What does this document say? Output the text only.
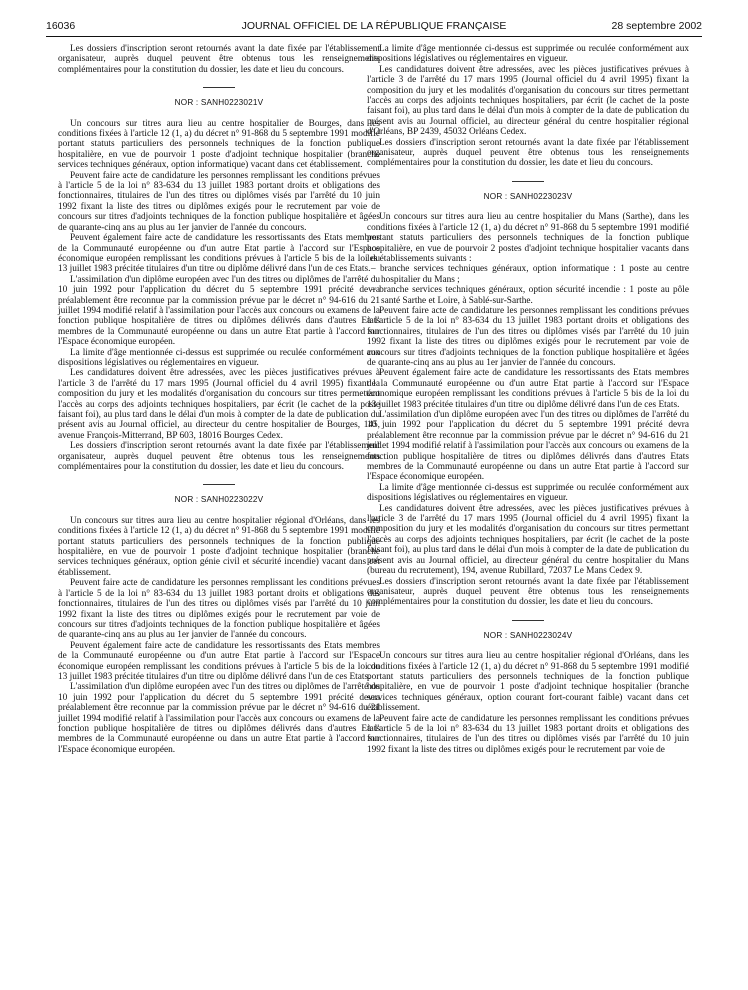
16036	JOURNAL OFFICIEL DE LA RÉPUBLIQUE FRANÇAISE	28 septembre 2002

Les dossiers d'inscription seront retournés avant la date fixée par l'établissement organisateur, auprès duquel peuvent être obtenus tous les renseignements complémentaires pour la constitution du dossier, les date et lieu du concours.

NOR : SANH0223021V

Un concours sur titres aura lieu au centre hospitalier de Bourges, dans les conditions fixées à l'article 12 (1, a) du décret n° 91-868 du 5 septembre 1991 modifié portant statuts particuliers des personnels techniques de la fonction publique hospitalière, en vue de pourvoir 1 poste d'adjoint technique hospitalier (branche services techniques généraux, option informatique) vacant dans cet établissement.

Peuvent faire acte de candidature les personnes remplissant les conditions prévues à l'article 5 de la loi n° 83-634 du 13 juillet 1983 portant droits et obligations des fonctionnaires, titulaires de l'un des titres ou diplômes visés par l'arrêté du 10 juin 1992 fixant la liste des titres ou diplômes exigés pour le recrutement par voie de concours sur titres d'adjoints techniques de la fonction publique hospitalière et âgées de quarante-cinq ans au plus au 1er janvier de l'année du concours.

Peuvent également faire acte de candidature les ressortissants des Etats membres de la Communauté européenne ou d'un autre Etat partie à l'accord sur l'Espace économique européen remplissant les conditions prévues à l'article 5 bis de la loi du 13 juillet 1983 précitée titulaires d'un titre ou diplôme délivré dans l'un de ces Etats.

L'assimilation d'un diplôme européen avec l'un des titres ou diplômes de l'arrêté du 10 juin 1992 pour l'application du décret du 5 septembre 1991 précité devra préalablement être reconnue par la commission prévue par le décret n° 94-616 du 21 juillet 1994 modifié relatif à l'assimilation pour l'accès aux concours ou examens de la fonction publique hospitalière de titres ou diplômes délivrés dans d'autres Etats membres de la Communauté européenne ou dans un autre Etat partie à l'accord sur l'Espace économique européen.

La limite d'âge mentionnée ci-dessus est supprimée ou reculée conformément aux dispositions législatives ou réglementaires en vigueur.

Les candidatures doivent être adressées, avec les pièces justificatives prévues à l'article 3 de l'arrêté du 17 mars 1995 (Journal officiel du 4 avril 1995) fixant la composition du jury et les modalités d'organisation du concours sur titres permettant l'accès au corps des adjoints techniques hospitaliers, par écrit (le cachet de la poste faisant foi), au plus tard dans le délai d'un mois à compter de la date de publication du présent avis au Journal officiel, au directeur du centre hospitalier de Bourges, 145, avenue François-Mitterrand, BP 603, 18016 Bourges Cedex.

Les dossiers d'inscription seront retournés avant la date fixée par l'établissement organisateur, auprès duquel peuvent être obtenus tous les renseignements complémentaires pour la constitution du dossier, les date et lieu du concours.

NOR : SANH0223022V

Un concours sur titres aura lieu au centre hospitalier régional d'Orléans, dans les conditions fixées à l'article 12 (1, a) du décret n° 91-868 du 5 septembre 1991 modifié portant statuts particuliers des personnels techniques de la fonction publique hospitalière, en vue de pourvoir 1 poste d'adjoint technique hospitalier (branche services techniques généraux, option génie civil et sécurité incendie) vacant dans cet établissement.

Peuvent faire acte de candidature les personnes remplissant les conditions prévues à l'article 5 de la loi n° 83-634 du 13 juillet 1983 portant droits et obligations des fonctionnaires, titulaires de l'un des titres ou diplômes visés par l'arrêté du 10 juin 1992 fixant la liste des titres ou diplômes exigés pour le recrutement par voie de concours sur titres d'adjoints techniques de la fonction publique hospitalière et âgées de quarante-cinq ans au plus au 1er janvier de l'année du concours.

Peuvent également faire acte de candidature les ressortissants des Etats membres de la Communauté européenne ou d'un autre Etat partie à l'accord sur l'Espace économique européen remplissant les conditions prévues à l'article 5 bis de la loi du 13 juillet 1983 précitée titulaires d'un titre ou diplôme délivré dans l'un de ces Etats.

L'assimilation d'un diplôme européen avec l'un des titres ou diplômes de l'arrêté du 10 juin 1992 pour l'application du décret du 5 septembre 1991 précité devra préalablement être reconnue par la commission prévue par le décret n° 94-616 du 21 juillet 1994 modifié relatif à l'assimilation pour l'accès aux concours ou examens de la fonction publique hospitalière de titres ou diplômes délivrés dans d'autres Etats membres de la Communauté européenne ou dans un autre Etat partie à l'accord sur l'Espace économique européen.

La limite d'âge mentionnée ci-dessus est supprimée ou reculée conformément aux dispositions législatives ou réglementaires en vigueur.

Les candidatures doivent être adressées, avec les pièces justificatives prévues à l'article 3 de l'arrêté du 17 mars 1995 (Journal officiel du 4 avril 1995) fixant la composition du jury et les modalités d'organisation du concours sur titres permettant l'accès au corps des adjoints techniques hospitaliers, par écrit (le cachet de la poste faisant foi), au plus tard dans le délai d'un mois à compter de la date de publication du présent avis au Journal officiel, au directeur général du centre hospitalier régional d'Orléans, BP 2439, 45032 Orléans Cedex.

Les dossiers d'inscription seront retournés avant la date fixée par l'établissement organisateur, auprès duquel peuvent être obtenus tous les renseignements complémentaires pour la constitution du dossier, les date et lieu du concours.

NOR : SANH0223023V

Un concours sur titres aura lieu au centre hospitalier du Mans (Sarthe), dans les conditions fixées à l'article 12 (1, a) du décret n° 91-868 du 5 septembre 1991 modifié portant statuts particuliers des personnels techniques de la fonction publique hospitalière, en vue de pourvoir 2 postes d'adjoint technique hospitalier vacants dans les établissements suivants :

– branche services techniques généraux, option informatique : 1 poste au centre hospitalier du Mans ;

– branche services techniques généraux, option sécurité incendie : 1 poste au pôle santé Sarthe et Loire, à Sablé-sur-Sarthe.

Peuvent faire acte de candidature les personnes remplissant les conditions prévues à l'article 5 de la loi n° 83-634 du 13 juillet 1983 portant droits et obligations des fonctionnaires, titulaires de l'un des titres ou diplômes visés par l'arrêté du 10 juin 1992 fixant la liste des titres ou diplômes exigés pour le recrutement par voie de concours sur titres d'adjoints techniques de la fonction publique hospitalière et âgées de quarante-cinq ans au plus au 1er janvier de l'année du concours.

Peuvent également faire acte de candidature les ressortissants des Etats membres de la Communauté européenne ou d'un autre Etat partie à l'accord sur l'Espace économique européen remplissant les conditions prévues à l'article 5 bis de la loi du 13 juillet 1983 précitée titulaires d'un titre ou diplôme délivré dans l'un de ces Etats.

L'assimilation d'un diplôme européen avec l'un des titres ou diplômes de l'arrêté du 10 juin 1992 pour l'application du décret du 5 septembre 1991 précité devra préalablement être reconnue par la commission prévue par le décret n° 94-616 du 21 juillet 1994 modifié relatif à l'assimilation pour l'accès aux concours ou examens de la fonction publique hospitalière de titres ou diplômes délivrés dans d'autres Etats membres de la Communauté européenne ou dans un autre Etat partie à l'accord sur l'Espace économique européen.

La limite d'âge mentionnée ci-dessus est supprimée ou reculée conformément aux dispositions législatives ou réglementaires en vigueur.

Les candidatures doivent être adressées, avec les pièces justificatives prévues à l'article 3 de l'arrêté du 17 mars 1995 (Journal officiel du 4 avril 1995) fixant la composition du jury et les modalités d'organisation du concours sur titres permettant l'accès au corps des adjoints techniques hospitaliers, par écrit (le cachet de la poste faisant foi), au plus tard dans le délai d'un mois à compter de la date de publication du présent avis au Journal officiel, au directeur général du centre hospitalier du Mans (bureau du recrutement), 194, avenue Rubillard, 72037 Le Mans Cedex 9.

Les dossiers d'inscription seront retournés avant la date fixée par l'établissement organisateur, auprès duquel peuvent être obtenus tous les renseignements complémentaires pour la constitution du dossier, les date et lieu du concours.

NOR : SANH0223024V

Un concours sur titres aura lieu au centre hospitalier régional d'Orléans, dans les conditions fixées à l'article 12 (1, a) du décret n° 91-868 du 5 septembre 1991 modifié portant statuts particuliers des personnels techniques de la fonction publique hospitalière, en vue de pourvoir 1 poste d'adjoint technique hospitalier (branche services techniques généraux, option courant fort-courant faible) vacant dans cet établissement.

Peuvent faire acte de candidature les personnes remplissant les conditions prévues à l'article 5 de la loi n° 83-634 du 13 juillet 1983 portant droits et obligations des fonctionnaires, titulaires de l'un des titres ou diplômes visés par l'arrêté du 10 juin 1992 fixant la liste des titres ou diplômes exigés pour le recrutement par voie de
